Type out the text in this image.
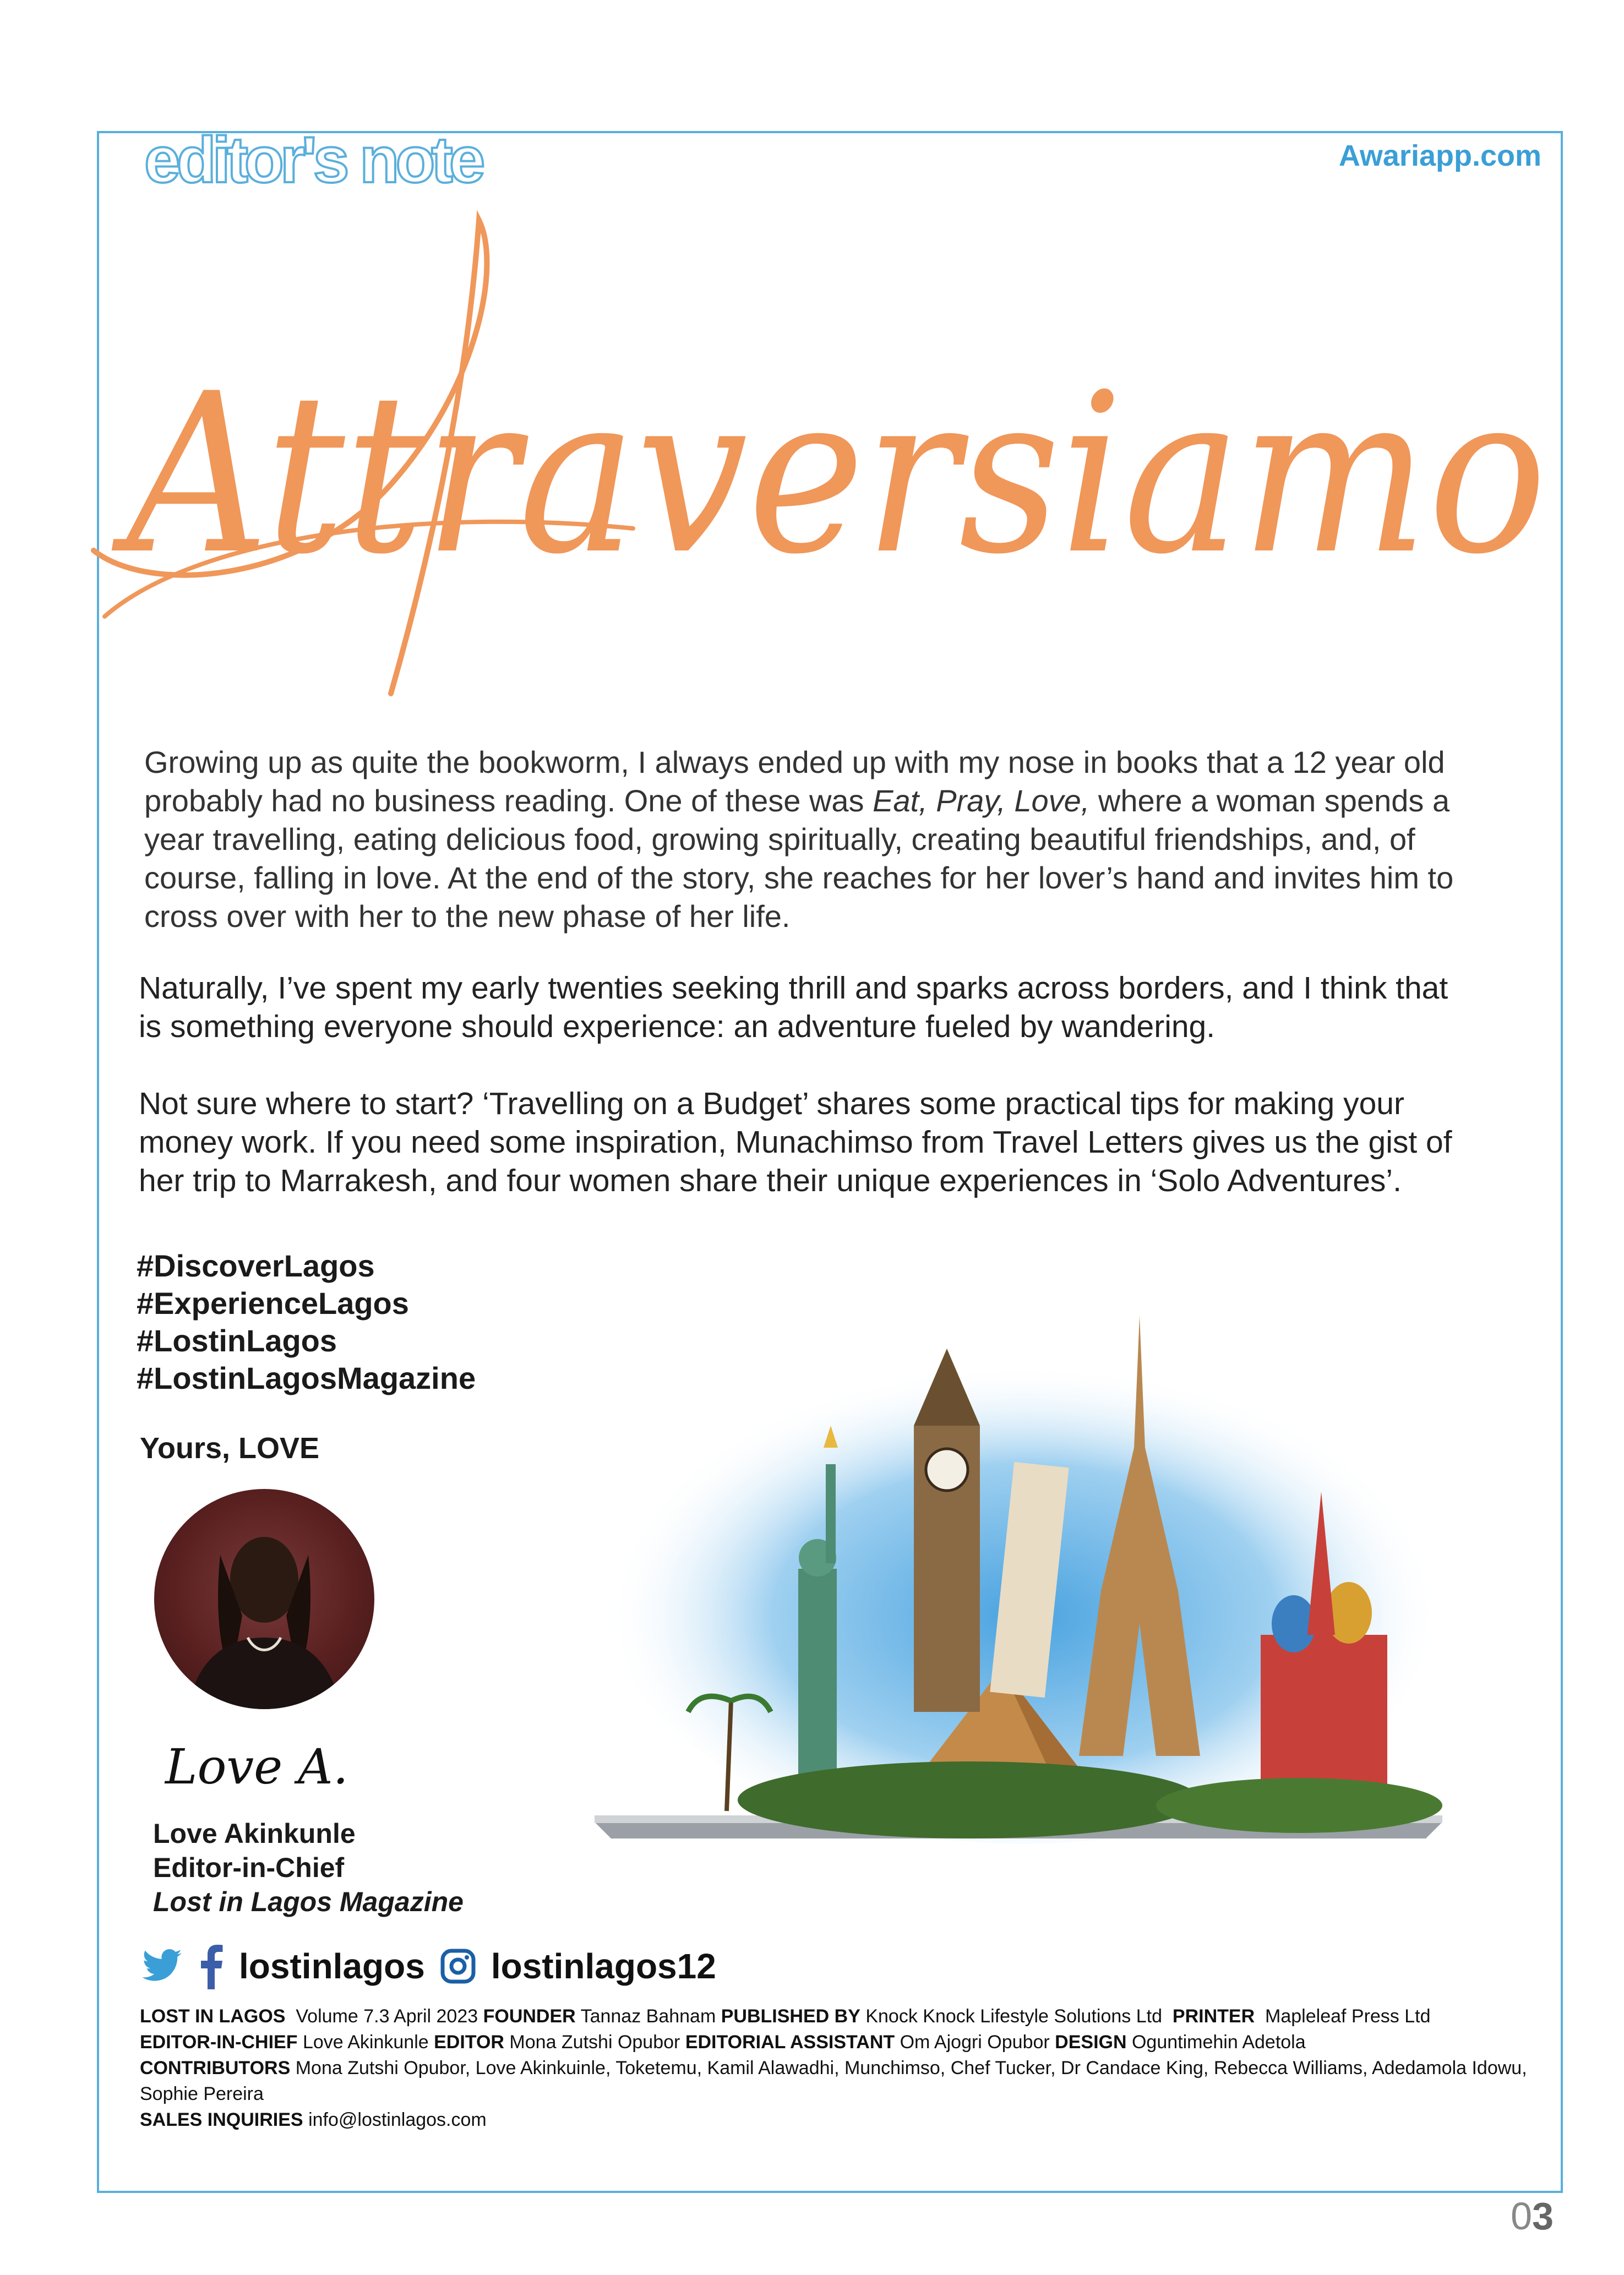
editor's note	Awariapp.com
Attraversiamo
Growing up as quite the bookworm, I always ended up with my nose in books that a 12 year old probably had no business reading. One of these was Eat, Pray, Love, where a woman spends a year travelling, eating delicious food, growing spiritually, creating beautiful friendships, and, of course, falling in love. At the end of the story, she reaches for her lover’s hand and invites him to cross over with her to the new phase of her life.
Naturally, I’ve spent my early twenties seeking thrill and sparks across borders, and I think that is something everyone should experience: an adventure fueled by wandering.
Not sure where to start? ‘Travelling on a Budget’ shares some practical tips for making your money work. If you need some inspiration, Munachimso from Travel Letters gives us the gist of her trip to Marrakesh, and four women share their unique experiences in ‘Solo Adventures’.
#DiscoverLagos
#ExperienceLagos
#LostinLagos
#LostinLagosMagazine
Yours, LOVE
Love A.
Love Akinkunle
Editor-in-Chief
Lost in Lagos Magazine
lostinlagos lostinlagos12
LOST IN LAGOS Volume 7.3 April 2023 FOUNDER Tannaz Bahnam PUBLISHED BY Knock Knock Lifestyle Solutions Ltd PRINTER Mapleleaf Press Ltd
EDITOR-IN-CHIEF Love Akinkunle EDITOR Mona Zutshi Opubor EDITORIAL ASSISTANT Om Ajogri Opubor DESIGN Oguntimehin Adetola
CONTRIBUTORS Mona Zutshi Opubor, Love Akinkuinle, Toketemu, Kamil Alawadhi, Munchimso, Chef Tucker, Dr Candace King, Rebecca Williams, Adedamola Idowu, Sophie Pereira
SALES INQUIRIES info@lostinlagos.com
03
